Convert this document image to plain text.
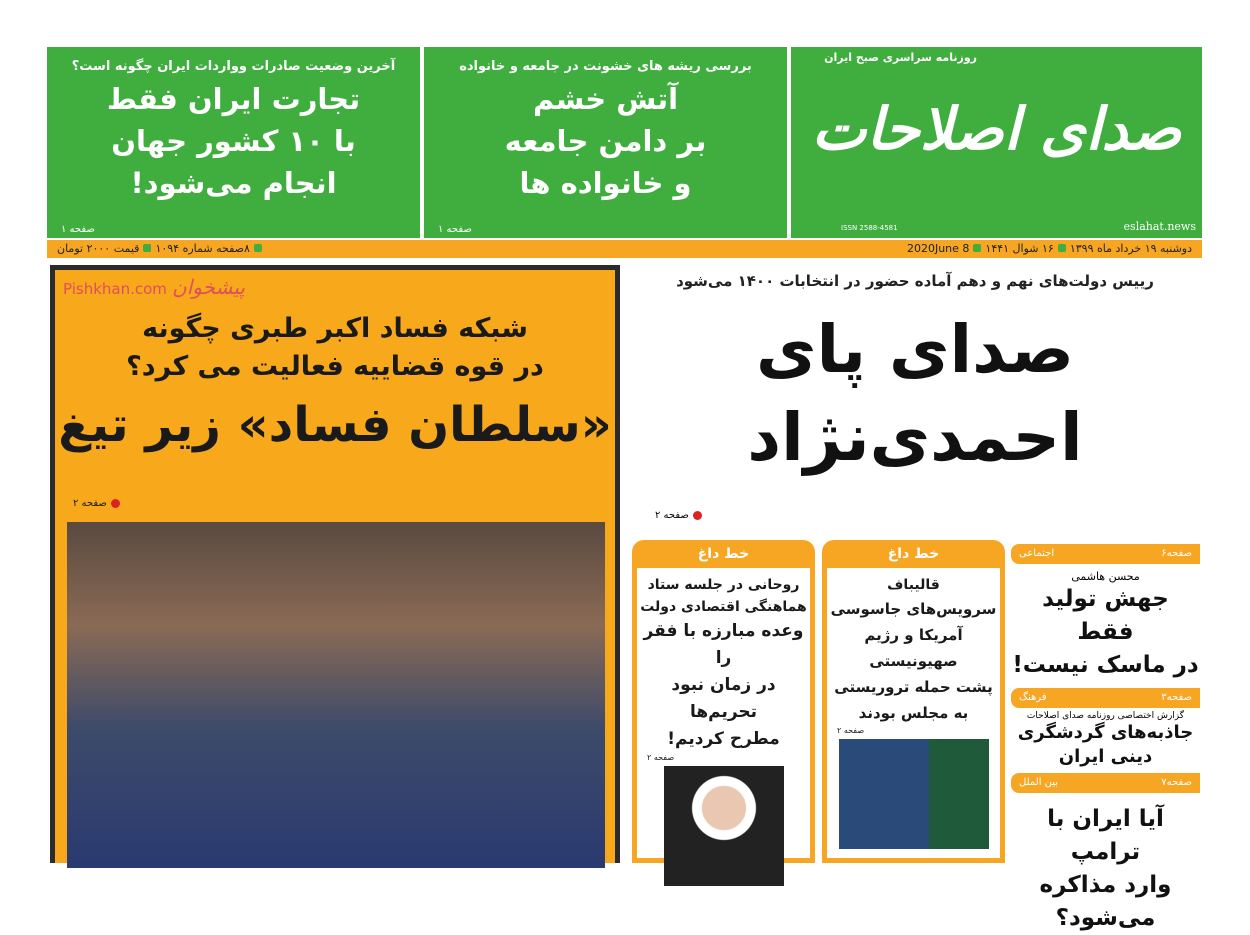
آخرین وضعیت صادرات وواردات ایران چگونه است؟
تجارت ایران فقط
با ۱۰ کشور جهان
انجام می‌شود!
صفحه ۱
بررسی ریشه های خشونت در جامعه و خانواده
آتش خشم
بر دامن جامعه
و خانواده ها
صفحه ۱
روزنامه سراسری صبح ایران
صدای اصلاحات
ISSN 2588-4581	eslahat.news
دوشنبه ۱۹ خرداد ماه ۱۳۹۹۱۶ شوال ۱۴۴۱2020June 8
۸صفحه شماره ۱۰۹۴قیمت ۲۰۰۰ تومان
Pishkhan.com پیشخوان
شبکه فساد اکبر طبری چگونه
در قوه قضاییه فعالیت می کرد؟
«سلطان فساد» زیر تیغ
صفحه ۲
رییس دولت‌های نهم و دهم آماده حضور در انتخابات ۱۴۰۰ می‌شود
صدای پای
احمدی‌نژاد
صفحه ۲
خط داغ
روحانی در جلسه ستاد
هماهنگی اقتصادی دولت
وعده مبارزه با فقر را
در زمان نبود تحریم‌ها
مطرح کردیم!
صفحه ۲
خط داغ
قالیباف
سرویس‌های جاسوسی
آمریکا و رژیم صهیونیستی
پشت حمله تروریستی
به مجلس بودند
صفحه ۲
صفحه۶
اجتماعی
محسن هاشمی
جهش تولید فقط
در ماسک نیست!
صفحه۳
فرهنگ
گزارش اختصاصی روزنامه صدای اصلاحات
جاذبه‌های گردشگری
دینی ایران
صفحه۷
بین الملل
آیا ایران با ترامپ
وارد مذاکره می‌شود؟
